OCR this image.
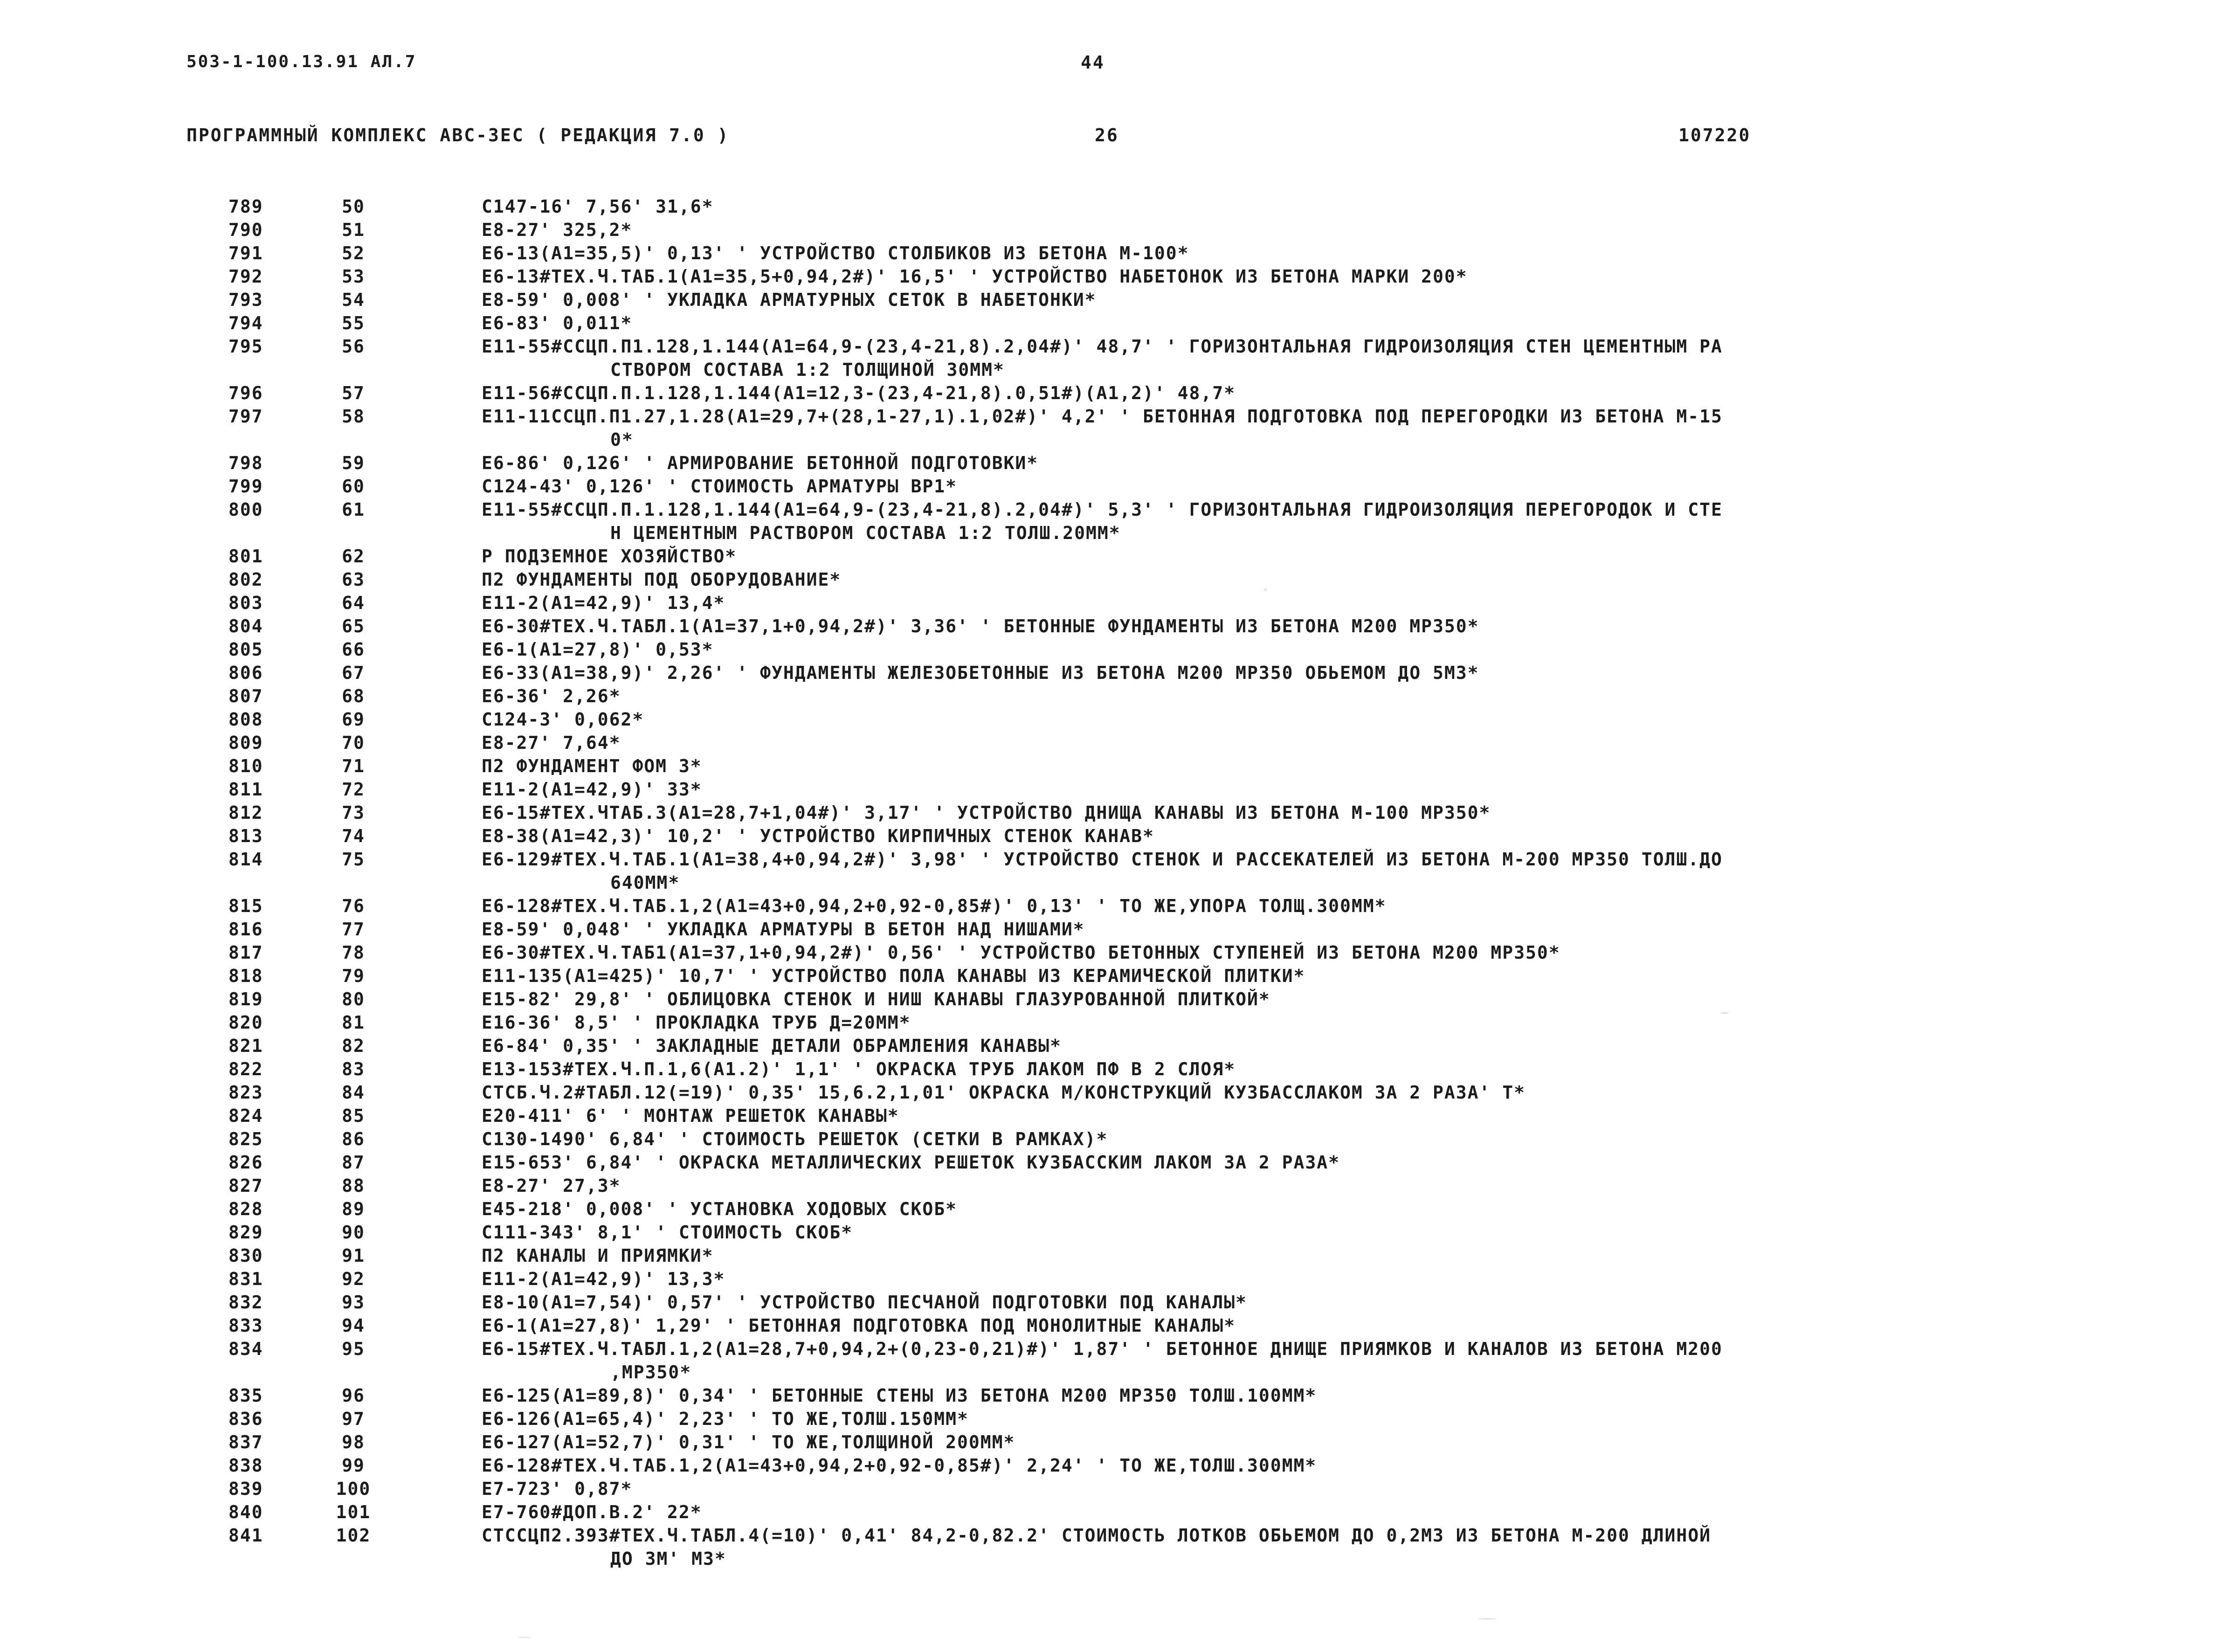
503-1-100.13.91 АЛ.7	44
ПРОГРАММНЫЙ КОМПЛЕКС АВС-3ЕС ( РЕДАКЦИЯ 7.0 )	26	107220
789	50	С147-16' 7,56' 31,6*
790	51	Е8-27' 325,2*
791	52	Е6-13(А1=35,5)' 0,13' ' УСТРОЙСТВО СТОЛБИКОВ ИЗ БЕТОНА М-100*
792	53	Е6-13#ТЕХ.Ч.ТАБ.1(А1=35,5+0,94,2#)' 16,5' ' УСТРОЙСТВО НАБЕТОНОК ИЗ БЕТОНА МАРКИ 200*
793	54	Е8-59' 0,008' ' УКЛАДКА АРМАТУРНЫХ СЕТОК В НАБЕТОНКИ*
794	55	Е6-83' 0,011*
795	56	Е11-55#ССЦП.П1.128,1.144(А1=64,9-(23,4-21,8).2,04#)' 48,7' ' ГОРИЗОНТАЛЬНАЯ ГИДРОИЗОЛЯЦИЯ СТЕН ЦЕМЕНТНЫМ РА
СТВОРОМ СОСТАВА 1:2 ТОЛЩИНОЙ 30ММ*
796	57	Е11-56#ССЦП.П.1.128,1.144(А1=12,3-(23,4-21,8).0,51#)(А1,2)' 48,7*
797	58	Е11-11ССЦП.П1.27,1.28(А1=29,7+(28,1-27,1).1,02#)' 4,2' ' БЕТОННАЯ ПОДГОТОВКА ПОД ПЕРЕГОРОДКИ ИЗ БЕТОНА М-15
0*
798	59	Е6-86' 0,126' ' АРМИРОВАНИЕ БЕТОННОЙ ПОДГОТОВКИ*
799	60	С124-43' 0,126' ' СТОИМОСТЬ АРМАТУРЫ ВР1*
800	61	Е11-55#ССЦП.П.1.128,1.144(А1=64,9-(23,4-21,8).2,04#)' 5,3' ' ГОРИЗОНТАЛЬНАЯ ГИДРОИЗОЛЯЦИЯ ПЕРЕГОРОДОК И СТЕ
Н ЦЕМЕНТНЫМ РАСТВОРОМ СОСТАВА 1:2 ТОЛШ.20ММ*
801	62	Р ПОДЗЕМНОЕ ХОЗЯЙСТВО*
802	63	П2 ФУНДАМЕНТЫ ПОД ОБОРУДОВАНИЕ*
803	64	Е11-2(А1=42,9)' 13,4*
804	65	Е6-30#ТЕХ.Ч.ТАБЛ.1(А1=37,1+0,94,2#)' 3,36' ' БЕТОННЫЕ ФУНДАМЕНТЫ ИЗ БЕТОНА М200 МР350*
805	66	Е6-1(А1=27,8)' 0,53*
806	67	Е6-33(А1=38,9)' 2,26' ' ФУНДАМЕНТЫ ЖЕЛЕЗОБЕТОННЫЕ ИЗ БЕТОНА М200 МР350 ОБЬЕМОМ ДО 5М3*
807	68	Е6-36' 2,26*
808	69	С124-3' 0,062*
809	70	Е8-27' 7,64*
810	71	П2 ФУНДАМЕНТ ФОМ 3*
811	72	Е11-2(А1=42,9)' 33*
812	73	Е6-15#ТЕХ.ЧТАБ.3(А1=28,7+1,04#)' 3,17' ' УСТРОЙСТВО ДНИЩА КАНАВЫ ИЗ БЕТОНА М-100 МР350*
813	74	Е8-38(А1=42,3)' 10,2' ' УСТРОЙСТВО КИРПИЧНЫХ СТЕНОК КАНАВ*
814	75	Е6-129#ТЕХ.Ч.ТАБ.1(А1=38,4+0,94,2#)' 3,98' ' УСТРОЙСТВО СТЕНОК И РАССЕКАТЕЛЕЙ ИЗ БЕТОНА М-200 МР350 ТОЛШ.ДО
640ММ*
815	76	Е6-128#ТЕХ.Ч.ТАБ.1,2(А1=43+0,94,2+0,92-0,85#)' 0,13' ' ТО ЖЕ,УПОРА ТОЛЩ.300ММ*
816	77	Е8-59' 0,048' ' УКЛАДКА АРМАТУРЫ В БЕТОН НАД НИШАМИ*
817	78	Е6-30#ТЕХ.Ч.ТАБ1(А1=37,1+0,94,2#)' 0,56' ' УСТРОЙСТВО БЕТОННЫХ СТУПЕНЕЙ ИЗ БЕТОНА М200 МР350*
818	79	Е11-135(А1=425)' 10,7' ' УСТРОЙСТВО ПОЛА КАНАВЫ ИЗ КЕРАМИЧЕСКОЙ ПЛИТКИ*
819	80	Е15-82' 29,8' ' ОБЛИЦОВКА СТЕНОК И НИШ КАНАВЫ ГЛАЗУРОВАННОЙ ПЛИТКОЙ*
820	81	Е16-36' 8,5' ' ПРОКЛАДКА ТРУБ Д=20ММ*
821	82	Е6-84' 0,35' ' ЗАКЛАДНЫЕ ДЕТАЛИ ОБРАМЛЕНИЯ КАНАВЫ*
822	83	Е13-153#ТЕХ.Ч.П.1,6(А1.2)' 1,1' ' ОКРАСКА ТРУБ ЛАКОМ ПФ В 2 СЛОЯ*
823	84	СТСБ.Ч.2#ТАБЛ.12(=19)' 0,35' 15,6.2,1,01' ОКРАСКА М/КОНСТРУКЦИЙ КУЗБАССЛАКОМ ЗА 2 РАЗА' Т*
824	85	Е20-411' 6' ' МОНТАЖ РЕШЕТОК КАНАВЫ*
825	86	С130-1490' 6,84' ' СТОИМОСТЬ РЕШЕТОК (СЕТКИ В РАМКАХ)*
826	87	Е15-653' 6,84' ' ОКРАСКА МЕТАЛЛИЧЕСКИХ РЕШЕТОК КУЗБАССКИМ ЛАКОМ ЗА 2 РАЗА*
827	88	Е8-27' 27,3*
828	89	Е45-218' 0,008' ' УСТАНОВКА ХОДОВЫХ СКОБ*
829	90	С111-343' 8,1' ' СТОИМОСТЬ СКОБ*
830	91	П2 КАНАЛЫ И ПРИЯМКИ*
831	92	Е11-2(А1=42,9)' 13,3*
832	93	Е8-10(А1=7,54)' 0,57' ' УСТРОЙСТВО ПЕСЧАНОЙ ПОДГОТОВКИ ПОД КАНАЛЫ*
833	94	Е6-1(А1=27,8)' 1,29' ' БЕТОННАЯ ПОДГОТОВКА ПОД МОНОЛИТНЫЕ КАНАЛЫ*
834	95	Е6-15#ТЕХ.Ч.ТАБЛ.1,2(А1=28,7+0,94,2+(0,23-0,21)#)' 1,87' ' БЕТОННОЕ ДНИЩЕ ПРИЯМКОВ И КАНАЛОВ ИЗ БЕТОНА М200
,МР350*
835	96	Е6-125(А1=89,8)' 0,34' ' БЕТОННЫЕ СТЕНЫ ИЗ БЕТОНА М200 МР350 ТОЛШ.100ММ*
836	97	Е6-126(А1=65,4)' 2,23' ' ТО ЖЕ,ТОЛШ.150ММ*
837	98	Е6-127(А1=52,7)' 0,31' ' ТО ЖЕ,ТОЛЩИНОЙ 200ММ*
838	99	Е6-128#ТЕХ.Ч.ТАБ.1,2(А1=43+0,94,2+0,92-0,85#)' 2,24' ' ТО ЖЕ,ТОЛШ.300ММ*
839	100	Е7-723' 0,87*
840	101	Е7-760#ДОП.В.2' 22*
841	102	СТССЦП2.393#ТЕХ.Ч.ТАБЛ.4(=10)' 0,41' 84,2-0,82.2' СТОИМОСТЬ ЛОТКОВ ОБЬЕМОМ ДО 0,2М3 ИЗ БЕТОНА М-200 ДЛИНОЙ
ДО 3М' М3*
